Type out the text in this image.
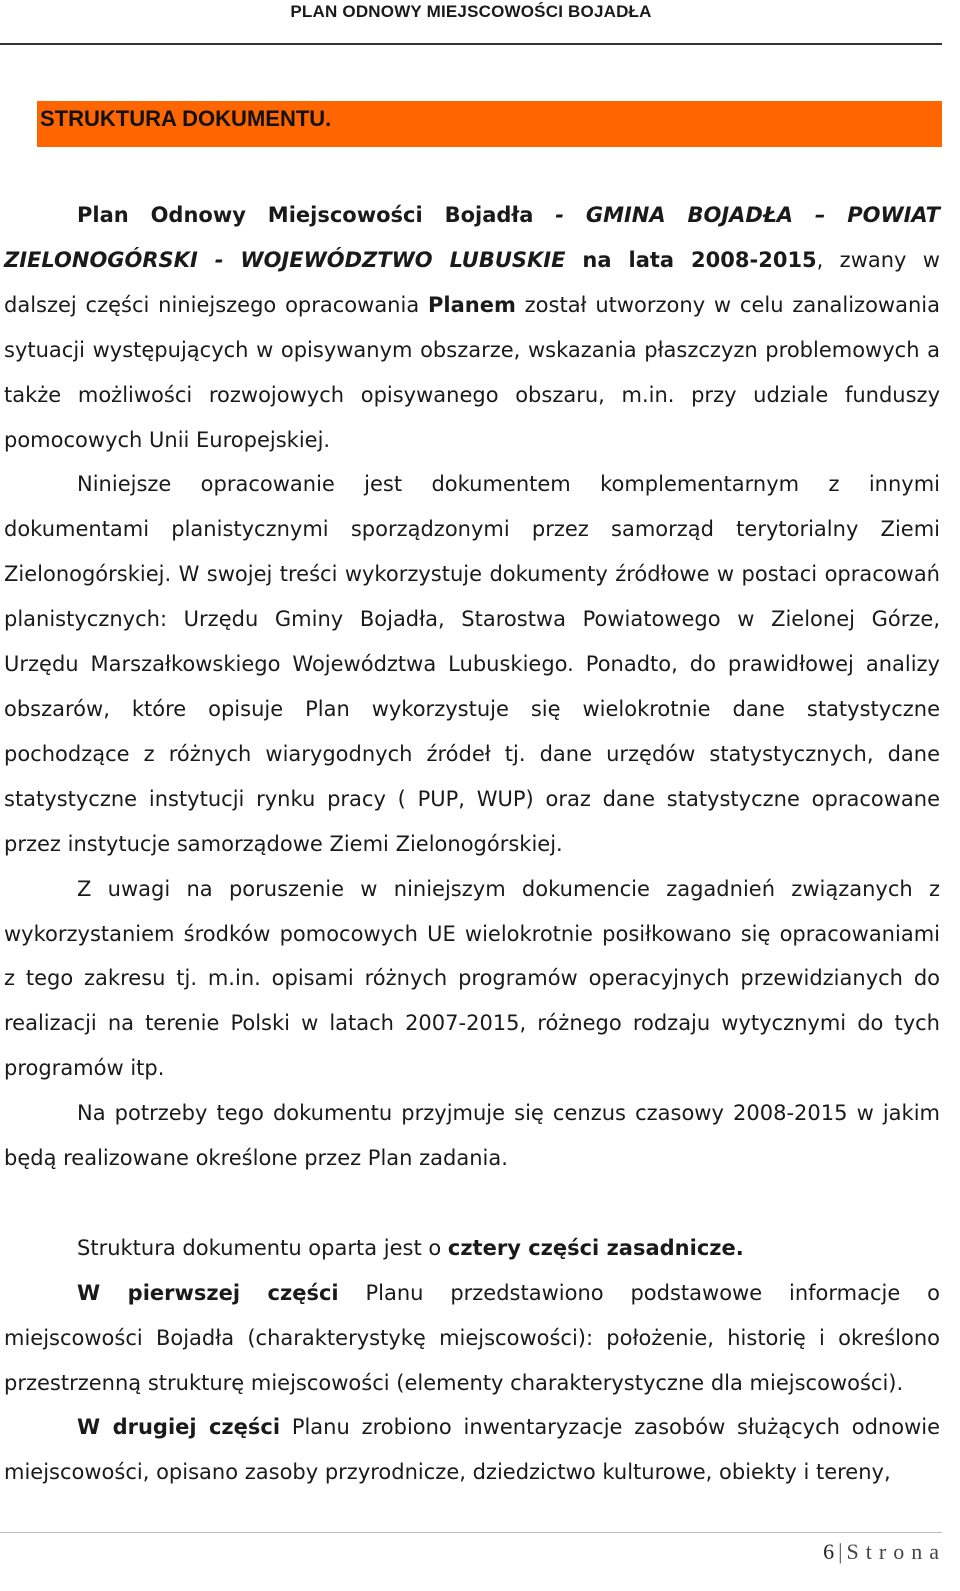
PLAN ODNOWY MIEJSCOWOŚCI BOJADŁA
STRUKTURA DOKUMENTU.

Plan Odnowy Miejscowości Bojadła - GMINA BOJADŁA – POWIAT ZIELONOGÓRSKI - WOJEWÓDZTWO LUBUSKIE na lata 2008-2015, zwany w dalszej części niniejszego opracowania Planem został utworzony w celu zanalizowania sytuacji występujących w opisywanym obszarze, wskazania płaszczyzn problemowych a także możliwości rozwojowych opisywanego obszaru, m.in. przy udziale funduszy pomocowych Unii Europejskiej.

Niniejsze opracowanie jest dokumentem komplementarnym z innymi dokumentami planistycznymi sporządzonymi przez samorząd terytorialny Ziemi Zielonogórskiej. W swojej treści wykorzystuje dokumenty źródłowe w postaci opracowań planistycznych: Urzędu Gminy Bojadła, Starostwa Powiatowego w Zielonej Górze, Urzędu Marszałkowskiego Województwa Lubuskiego. Ponadto, do prawidłowej analizy obszarów, które opisuje Plan wykorzystuje się wielokrotnie dane statystyczne pochodzące z różnych wiarygodnych źródeł tj. dane urzędów statystycznych, dane statystyczne instytucji rynku pracy ( PUP, WUP) oraz dane statystyczne opracowane przez instytucje samorządowe Ziemi Zielonogórskiej.

Z uwagi na poruszenie w niniejszym dokumencie zagadnień związanych z wykorzystaniem środków pomocowych UE wielokrotnie posiłkowano się opracowaniami z tego zakresu tj. m.in. opisami różnych programów operacyjnych przewidzianych do realizacji na terenie Polski w latach 2007-2015, różnego rodzaju wytycznymi do tych programów itp.

Na potrzeby tego dokumentu przyjmuje się cenzus czasowy 2008-2015 w jakim będą realizowane określone przez Plan zadania.

Struktura dokumentu oparta jest o cztery części zasadnicze.

W pierwszej części Planu przedstawiono podstawowe informacje o miejscowości Bojadła (charakterystykę miejscowości): położenie, historię i określono przestrzenną strukturę miejscowości (elementy charakterystyczne dla miejscowości).

W drugiej części Planu zrobiono inwentaryzacje zasobów służących odnowie miejscowości, opisano zasoby przyrodnicze, dziedzictwo kulturowe, obiekty i tereny,

6 | Strona
